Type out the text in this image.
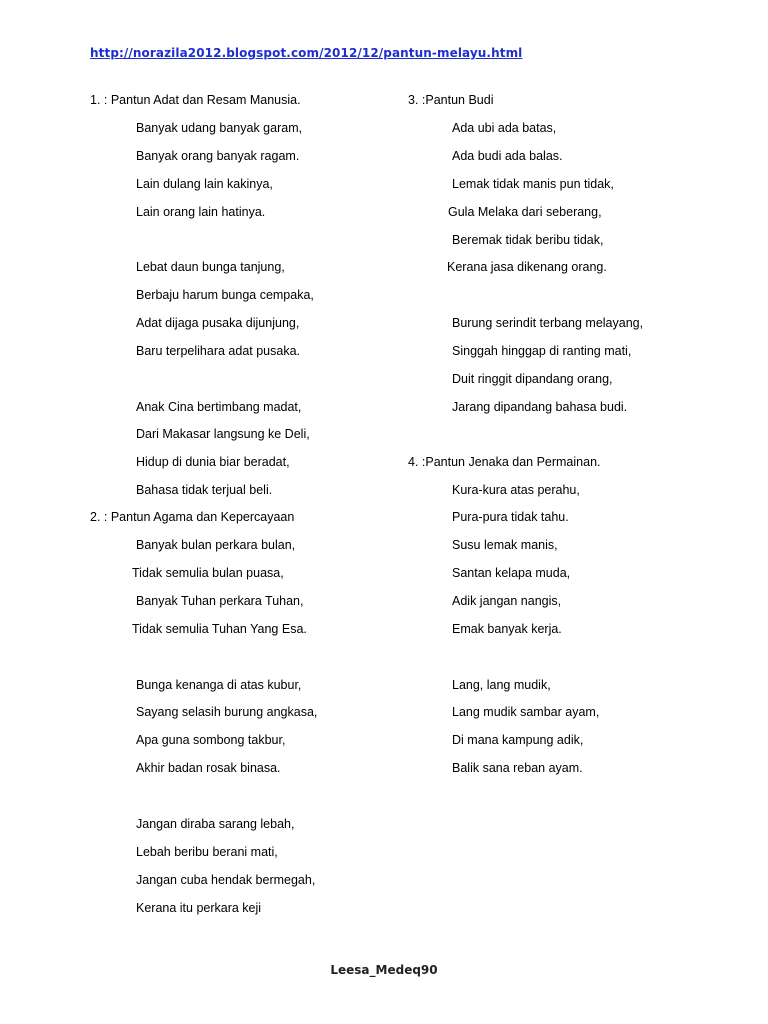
http://norazila2012.blogspot.com/2012/12/pantun-melayu.html
1. : Pantun Adat dan Resam Manusia.
Banyak udang banyak garam,
Banyak orang banyak ragam.
Lain dulang lain kakinya,
Lain orang lain hatinya.
Lebat daun bunga tanjung,
Berbaju harum bunga cempaka,
Adat dijaga pusaka dijunjung,
Baru terpelihara adat pusaka.
Anak Cina bertimbang madat,
Dari Makasar langsung ke Deli,
Hidup di dunia biar beradat,
Bahasa tidak terjual beli.
2. : Pantun Agama dan Kepercayaan
Banyak bulan perkara bulan,
Tidak semulia bulan puasa,
Banyak Tuhan perkara Tuhan,
Tidak semulia Tuhan Yang Esa.
Bunga kenanga di atas kubur,
Sayang selasih burung angkasa,
Apa guna sombong takbur,
Akhir badan rosak binasa.
Jangan diraba sarang lebah,
Lebah beribu berani mati,
Jangan cuba hendak bermegah,
Kerana itu perkara keji
3. :Pantun Budi
Ada ubi ada batas,
Ada budi ada balas.
Lemak tidak manis pun tidak,
Gula Melaka dari seberang,
Beremak tidak beribu tidak,
Kerana jasa dikenang orang.
Burung serindit terbang melayang,
Singgah hinggap di ranting mati,
Duit ringgit dipandang orang,
Jarang dipandang bahasa budi.
4. :Pantun Jenaka dan Permainan.
Kura-kura atas perahu,
Pura-pura tidak tahu.
Susu lemak manis,
Santan kelapa muda,
Adik jangan nangis,
Emak banyak kerja.
Lang, lang mudik,
Lang mudik sambar ayam,
Di mana kampung adik,
Balik sana reban ayam.
Leesa_Medeq90
